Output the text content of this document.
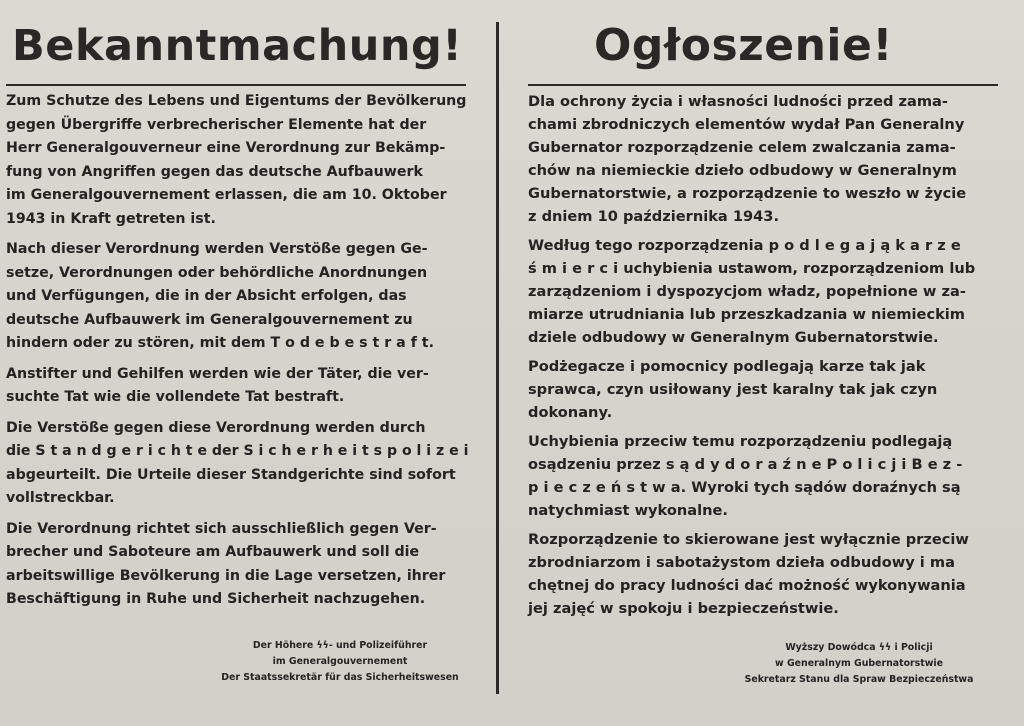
Bekanntmachung!
Zum Schutze des Lebens und Eigentums der Bevölkerung
gegen Übergriffe verbrecherischer Elemente hat der
Herr Generalgouverneur eine Verordnung zur Bekämp-
fung von Angriffen gegen das deutsche Aufbauwerk
im Generalgouvernement erlassen, die am 10. Oktober
1943 in Kraft getreten ist.
Nach dieser Verordnung werden Verstöße gegen Ge-
setze, Verordnungen oder behördliche Anordnungen
und Verfügungen, die in der Absicht erfolgen, das
deutsche Aufbauwerk im Generalgouvernement zu
hindern oder zu stören, mit dem T o d e b e s t r a f t.
Anstifter und Gehilfen werden wie der Täter, die ver-
suchte Tat wie die vollendete Tat bestraft.
Die Verstöße gegen diese Verordnung werden durch
die S t a n d g e r i c h t e der S i c h e r h e i t s p o l i z e i
abgeurteilt. Die Urteile dieser Standgerichte sind sofort
vollstreckbar.
Die Verordnung richtet sich ausschließlich gegen Ver-
brecher und Saboteure am Aufbauwerk und soll die
arbeitswillige Bevölkerung in die Lage versetzen, ihrer
Beschäftigung in Ruhe und Sicherheit nachzugehen.
Der Höhere ϟϟ- und Polizeiführer
im Generalgouvernement
Der Staatssekretär für das Sicherheitswesen
Ogłoszenie!
Dla ochrony życia i własności ludności przed zama-
chami zbrodniczych elementów wydał Pan Generalny
Gubernator rozporządzenie celem zwalczania zama-
chów na niemieckie dzieło odbudowy w Generalnym
Gubernatorstwie, a rozporządzenie to weszło w życie
z dniem 10 października 1943.
Według tego rozporządzenia p o d l e g a j ą k a r z e
ś m i e r c i uchybienia ustawom, rozporządzeniom lub
zarządzeniom i dyspozycjom władz, popełnione w za-
miarze utrudniania lub przeszkadzania w niemieckim
dziele odbudowy w Generalnym Gubernatorstwie.
Podżegacze i pomocnicy podlegają karze tak jak
sprawca, czyn usiłowany jest karalny tak jak czyn
dokonany.
Uchybienia przeciw temu rozporządzeniu podlegają
osądzeniu przez s ą d y d o r a ź n e P o l i c j i B e z -
p i e c z e ń s t w a. Wyroki tych sądów doraźnych są
natychmiast wykonalne.
Rozporządzenie to skierowane jest wyłącznie przeciw
zbrodniarzom i sabotażystom dzieła odbudowy i ma
chętnej do pracy ludności dać możność wykonywania
jej zajęć w spokoju i bezpieczeństwie.
Wyższy Dowódca ϟϟ i Policji
w Generalnym Gubernatorstwie
Sekretarz Stanu dla Spraw Bezpieczeństwa
